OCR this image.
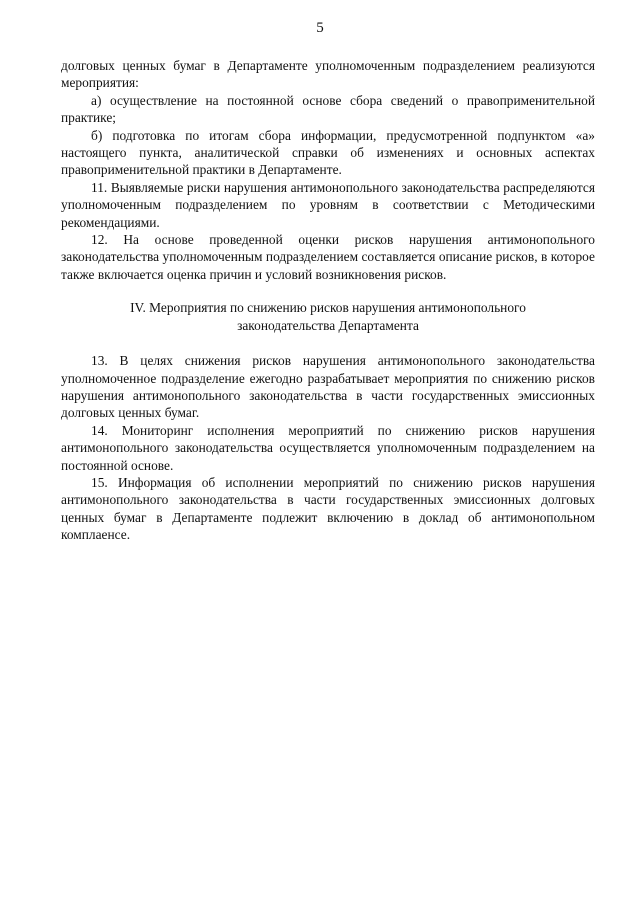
5

долговых ценных бумаг в Департаменте уполномоченным подразделением реализуются мероприятия:

а) осуществление на постоянной основе сбора сведений о правоприменительной практике;

б) подготовка по итогам сбора информации, предусмотренной подпунктом «а» настоящего пункта, аналитической справки об изменениях и основных аспектах правоприменительной практики в Департаменте.

11. Выявляемые риски нарушения антимонопольного законодательства распределяются уполномоченным подразделением по уровням в соответствии с Методическими рекомендациями.

12. На основе проведенной оценки рисков нарушения антимонопольного законодательства уполномоченным подразделением составляется описание рисков, в которое также включается оценка причин и условий возникновения рисков.

IV. Мероприятия по снижению рисков нарушения антимонопольного законодательства Департамента

13. В целях снижения рисков нарушения антимонопольного законодательства уполномоченное подразделение ежегодно разрабатывает мероприятия по снижению рисков нарушения антимонопольного законодательства в части государственных эмиссионных долговых ценных бумаг.

14. Мониторинг исполнения мероприятий по снижению рисков нарушения антимонопольного законодательства осуществляется уполномоченным подразделением на постоянной основе.

15. Информация об исполнении мероприятий по снижению рисков нарушения антимонопольного законодательства в части государственных эмиссионных долговых ценных бумаг в Департаменте подлежит включению в доклад об антимонопольном комплаенсе.
